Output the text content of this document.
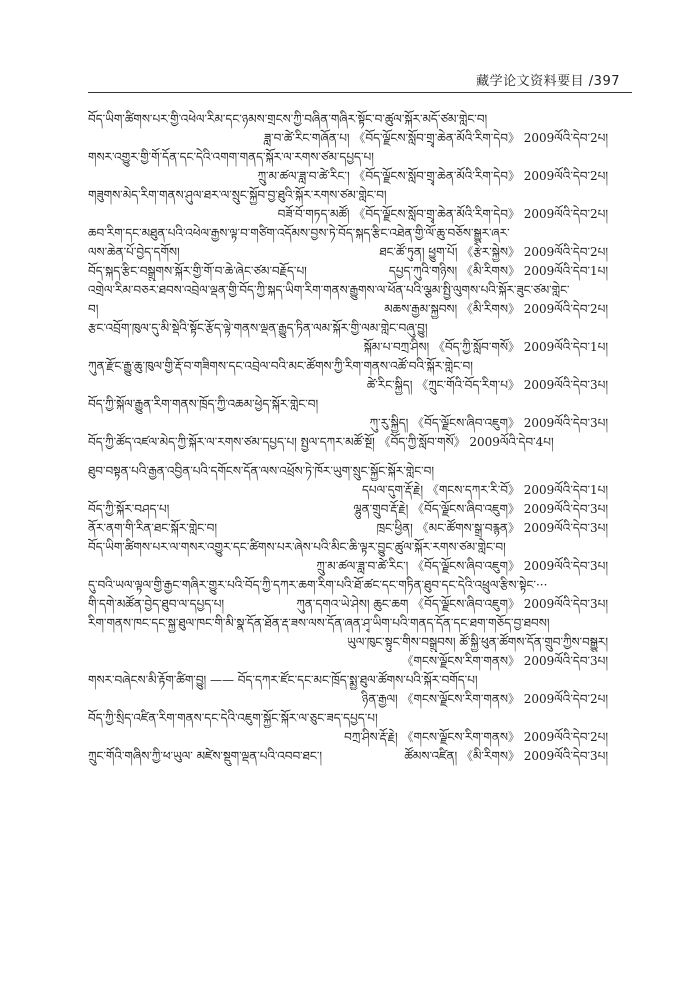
藏学论文资料要目 /397
བོད་ཡིག་ཚིགས་པར་གྱི་འཕེལ་རིམ་དང་ཉམས་གྲངས་ཀྱི་བཞིན་གཞིར་སྟོང་བ་ཚུལ་སྐོར་མདོ་ཙམ་གླེང་བ།
ཟླ་བ་ཚེ་རིང་གཞོན་པ། 《བོད་ལྗོངས་སློབ་གྲྭ་ཆེན་མོའི་རིག་དེབ》 2009ལོའི་དེབ་2པ།
གསར་འགྱུར་གྱི་གོ་དོན་དང་དེའི་འགག་གནད་སྐོར་ལ་རགས་ཙམ་དཔྱད་པ།
ཀྲུ་མ་ཚལ་ཟླ་བ་ཚེ་རིང་། 《བོད་ལྗོངས་སློབ་གྲྭ་ཆེན་མོའི་རིག་དེབ》 2009ལོའི་དེབ་2པ།
གཟུགས་མེད་རིག་གནས་ཤུལ་ཐར་ལ་སྲུང་སྐྱོབ་བྱ་ཐུའི་སྐོར་རགས་ཙམ་གླེང་བ།
བཟོ་བོ་གཏད་མཚོ། 《བོད་ལྗོངས་སློབ་གྲྭ་ཆེན་མོའི་རིག་དེབ》 2009ལོའི་དེབ་2པ།
ཆབ་རིག་དང་མཐུན་པའི་འཕེལ་རྒྱས་ལྟ་བ་གཙིག་འདོམས་བྱས་ཏེ་བོད་སྐད་རྩིང་འཐེན་གྱི་ལོ་ཆུ་བཅོས་སྒྱུར་ཞར་
ལས་ཆེན་པོ་བྱེད་དགོས།	ཐང་ཚོ་ཏུན། ཕྱུག་པོ། 《རྩེར་སྐྱེས》 2009ལོའི་དེབ་2པ།
བོད་སྐད་རྩིང་བསྒྲུགས་སྐོར་གྱི་གོ་བ་ཆེ་ཞེང་ཙམ་བརྗོད་པ།	དཔྱད་ཀུའི་གཉིས། 《མི་རིགས》 2009ལོའི་དེབ་1པ།
འགྲེལ་རིམ་བཅར་ཐབས་འབྲེལ་ལྡན་གྱི་བོད་ཀྱི་སྐད་ཡིག་རིག་གནས་རྒྱུགས་ལ་ཕོན་པའི་ལྕམ་སྤྱི་ལུགས་པའི་སྐོར་ཟུང་ཙམ་གླེང་
བ།	མཆས་རྒྱམ་སྐྱབས། 《མི་རིགས》 2009ལོའི་དེབ་2པ།
རྩང་འབྲོག་ཁུལ་དུ་མི་སྡེའི་སྟོང་རྩོད་ལྟེ་གནས་ལྡན་རྒྱུད་ཏིན་ལམ་སྐོར་གྱི་ལམ་གླེང་བཞུ་བྱུ།
སྐོམ་པ་བཀྲ་ཤིས། 《བོད་ཀྱི་སློབ་གསོ》 2009ལོའི་དེབ་1པ།
ཀུན་རྫོང་རྒྱུ་ཆུ་ཁུལ་གྱི་རྡོ་བ་གཟིགས་དང་འབྲེལ་བའི་མང་ཚོགས་ཀྱི་རིག་གནས་འཚོ་བའི་སྐོར་གླེང་བ།
ཚེ་རིང་སྐྱིད། 《ཀྲུང་གོའི་བོད་རིག་པ》 2009ལོའི་དེབ་3པ།
བོད་ཀྱི་སྐོལ་རྒྱུན་རིག་གནས་ཁྲོད་ཀྱི་འཆམ་ཕྱེད་སྐོར་གླེང་བ།
ཀུ་རུ་སྐྱིད། 《བོད་ལྗོངས་ཞིབ་འཇུག》 2009ལོའི་དེབ་3པ།
བོད་ཀྱི་ཚོད་འཛལ་མེད་ཀྱི་སྐོར་ལ་རགས་ཙམ་དཔྱད་པ། སྤྱལ་དཀར་མཚོ་སྔོ། 《བོད་ཀྱི་སློབ་གསོ》 2009ལོའི་དེབ་4པ།
ཐུབ་བསྟན་པའི་རྒྱན་འབྱིན་པའི་དགོངས་དོན་ལས་འཕྲོས་ཏེ་ཁོར་ཡུག་སྲུང་སྐྱོང་སྐོར་གླེང་བ།
དཔལ་དུག་རྡོ་རྗེ། 《གངས་དཀར་རི་བོ》 2009ལོའི་དེབ་1པ།
བོད་ཀྱི་སྐོར་བཤད་པ།	ལྷུན་གྲུབ་རྡོ་རྗེ། 《བོད་ལྗོངས་ཞིབ་འཇུག》 2009ལོའི་དེབ་3པ།
ནོར་ནག་གི་རིན་ཐང་སྐོར་གླེང་བ།	ཁྲང་ཕྱིན། 《མང་ཚོགས་སྒྲ་བརྙན》 2009ལོའི་དེབ་3པ།
བོད་ཡིག་ཚིགས་པར་ལ་གསར་འགྱུར་དང་ཚིགས་པར་ཞེས་པའི་མིང་ཆི་ལྟར་བྱུང་ཚུལ་སྐོར་རགས་ཙམ་གླེང་བ།
ཀྲུ་མ་ཚལ་ཟླ་བ་ཚེ་རིང་། 《བོད་ལྗོངས་ཞིབ་འཇུག》 2009ལོའི་དེབ་3པ།
དུ་བའི་ཡལ་ལྟལ་གྱི་རྒྱང་གཞིར་གྱུར་པའི་བོད་ཀྱི་དཀར་ཆག་རིག་པའི་ཐོ་ཚང་དང་གཏིན་ཐུབ་དང་དེའི་འཕྲུལ་རྩིས་སྟེང་···
གི་དགེ་མཚོན་བྱེད་ཐུབ་ལ་དཔྱད་པ།	ཀུན་དགའ་ཡེ་ཤེས། ཆུང་ཆག 《བོད་ལྗོངས་ཞིབ་འཇུག》 2009ལོའི་དེབ་3པ།
རིག་གནས་ཁང་དང་སྐྱ་ཐུལ་ཁང་གི་མི་སྣ་དོན་ཐོན་རྡ་ཟས་ལས་དོན་ཞན་ཤྭ་ཡིག་པའི་གནད་དོན་དང་ཐག་གཅོད་བྱ་ཐབས།
ཡུལ་ཁུང་སྟུང་གིས་བསྒྲུབས། ཚོ་སྐྱི་ཕུན་ཚོགས་དོན་གྲུབ་ཀྱིས་བསྒྱུར།
《གངས་ལྗོངས་རིག་གནས》 2009ལོའི་དེབ་3པ།
གསར་བཞེངས་མི་རྟོག་ཚིག་བྱུ། —— བོད་དཀར་ཛོང་དང་མང་ཁྲོད་སྨྱ་ཐུལ་ཚོགས་པའི་སྐོར་བགོད་པ།
ཉིན་རྒྱལ། 《གངས་ལྗོངས་རིག་གནས》 2009ལོའི་དེབ་2པ།
བོད་ཀྱི་སྲིད་འཛིན་རིག་གནས་དང་དེའི་འཇུག་སྐྱོང་སྐོར་ལ་ཅུང་ཟད་དཔྱད་པ།
བཀྲ་ཤིས་རྡོ་རྗེ། 《གངས་ལྗོངས་རིག་གནས》 2009ལོའི་དེབ་2པ།
ཀྲུང་གོའི་གཞིས་ཀྱི་ཕ་ཡུལ་ མཛེས་སྡུག་ལྡན་པའི་འབབ་ཐང་།	ཚོམས་འཛིན། 《མི་རིགས》 2009ལོའི་དེབ་3པ།
